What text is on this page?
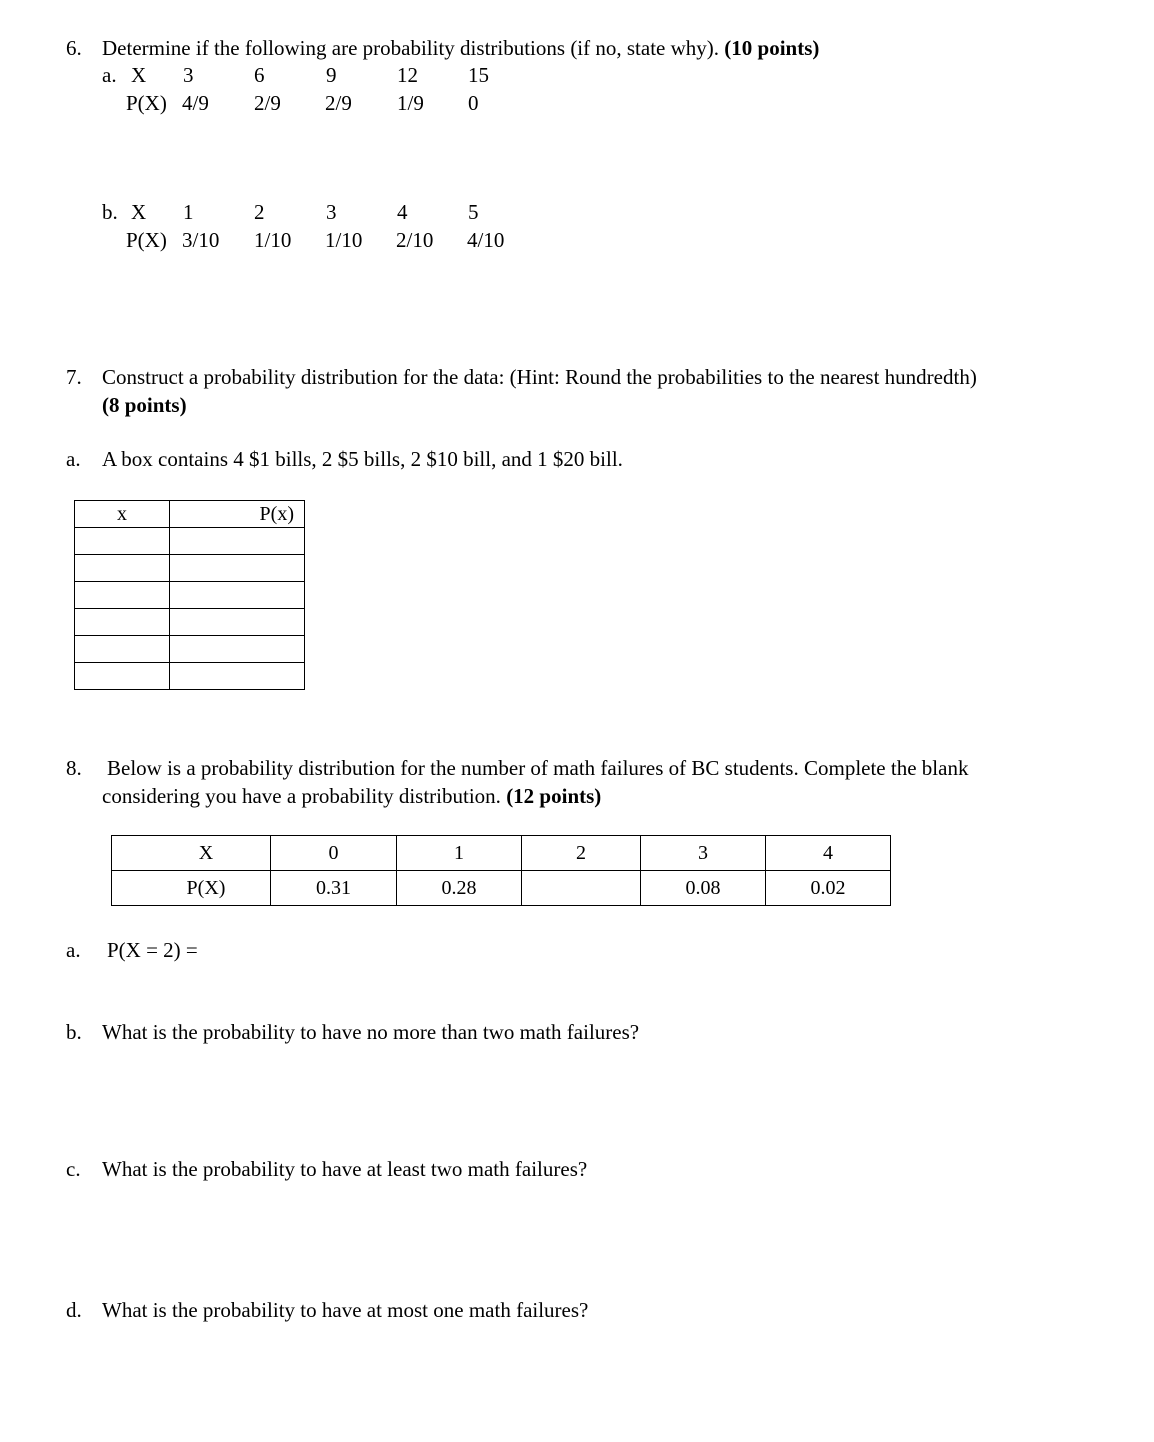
6. Determine if the following are probability distributions (if no, state why). (10 points)
a. X 3	6	9	12 15
P(X) 4/9 2/9 2/9 1/9 0
b. X 1	2	3	4	5
P(X) 3/10 1/10 1/10 2/10 4/10
7. Construct a probability distribution for the data: (Hint: Round the probabilities to the nearest hundredth)
(8 points)
a. A box contains 4 $1 bills, 2 $5 bills, 2 $10 bill, and 1 $20 bill.
x	P(x)

8. Below is a probability distribution for the number of math failures of BC students. Complete the blank
considering you have a probability distribution. (12 points)
X	0	1	2	3	4
P(X)	0.31	0.28		0.08	0.02
a. P(X = 2) =
b. What is the probability to have no more than two math failures?
c. What is the probability to have at least two math failures?
d. What is the probability to have at most one math failures?
